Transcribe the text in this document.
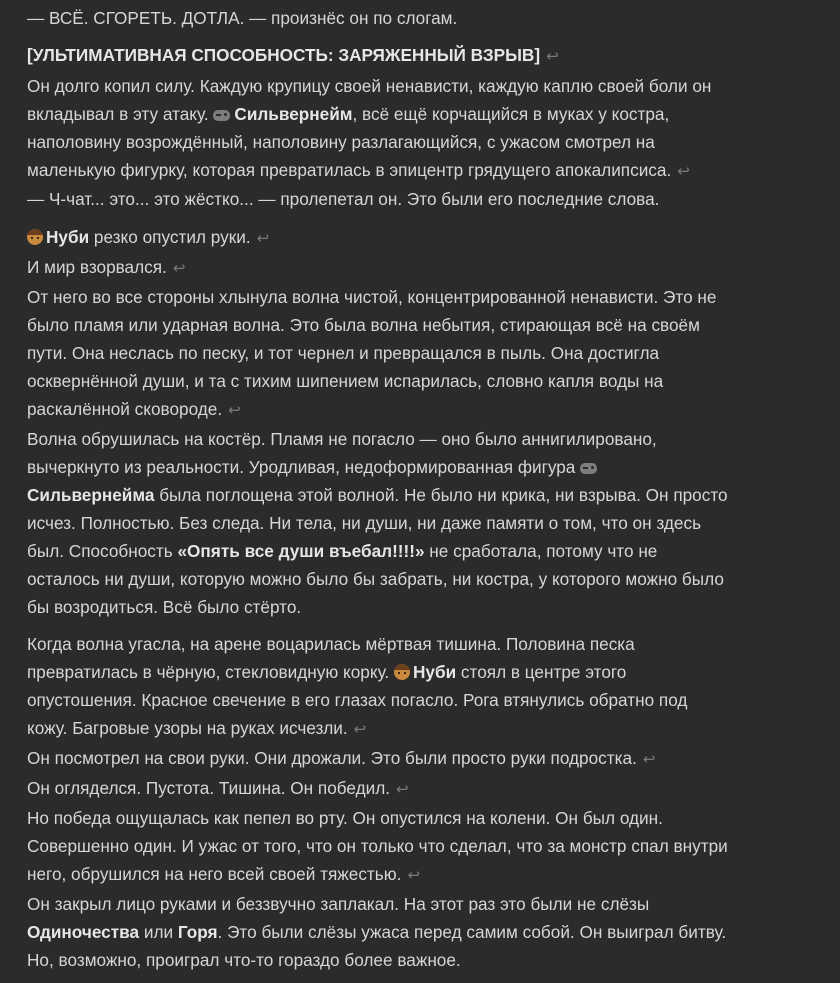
— ВСЁ. СГОРЕТЬ. ДОТЛА. — произнёс он по слогам.
[УЛЬТИМАТИВНАЯ СПОСОБНОСТЬ: ЗАРЯЖЕННЫЙ ВЗРЫВ] ↩
Он долго копил силу. Каждую крупицу своей ненависти, каждую каплю своей боли он
вкладывал в эту атаку. Сильвернейм, всё ещё корчащийся в муках у костра,
наполовину возрождённый, наполовину разлагающийся, с ужасом смотрел на
маленькую фигурку, которая превратилась в эпицентр грядущего апокалипсиса. ↩
— Ч-чат... это... это жёстко... — пролепетал он. Это были его последние слова.
Нуби резко опустил руки. ↩
И мир взорвался. ↩
От него во все стороны хлынула волна чистой, концентрированной ненависти. Это не
было пламя или ударная волна. Это была волна небытия, стирающая всё на своём
пути. Она неслась по песку, и тот чернел и превращался в пыль. Она достигла
осквернённой души, и та с тихим шипением испарилась, словно капля воды на
раскалённой сковороде. ↩
Волна обрушилась на костёр. Пламя не погасло — оно было аннигилировано,
вычеркнуто из реальности. Уродливая, недоформированная фигура
Сильвернейма была поглощена этой волной. Не было ни крика, ни взрыва. Он просто
исчез. Полностью. Без следа. Ни тела, ни души, ни даже памяти о том, что он здесь
был. Способность «Опять все души въебал!!!!» не сработала, потому что не
осталось ни души, которую можно было бы забрать, ни костра, у которого можно было
бы возродиться. Всё было стёрто.
Когда волна угасла, на арене воцарилась мёртвая тишина. Половина песка
превратилась в чёрную, стекловидную корку. Нуби стоял в центре этого
опустошения. Красное свечение в его глазах погасло. Рога втянулись обратно под
кожу. Багровые узоры на руках исчезли. ↩
Он посмотрел на свои руки. Они дрожали. Это были просто руки подростка. ↩
Он огляделся. Пустота. Тишина. Он победил. ↩
Но победа ощущалась как пепел во рту. Он опустился на колени. Он был один.
Совершенно один. И ужас от того, что он только что сделал, что за монстр спал внутри
него, обрушился на него всей своей тяжестью. ↩
Он закрыл лицо руками и беззвучно заплакал. На этот раз это были не слёзы
Одиночества или Горя. Это были слёзы ужаса перед самим собой. Он выиграл битву.
Но, возможно, проиграл что-то гораздо более важное.
